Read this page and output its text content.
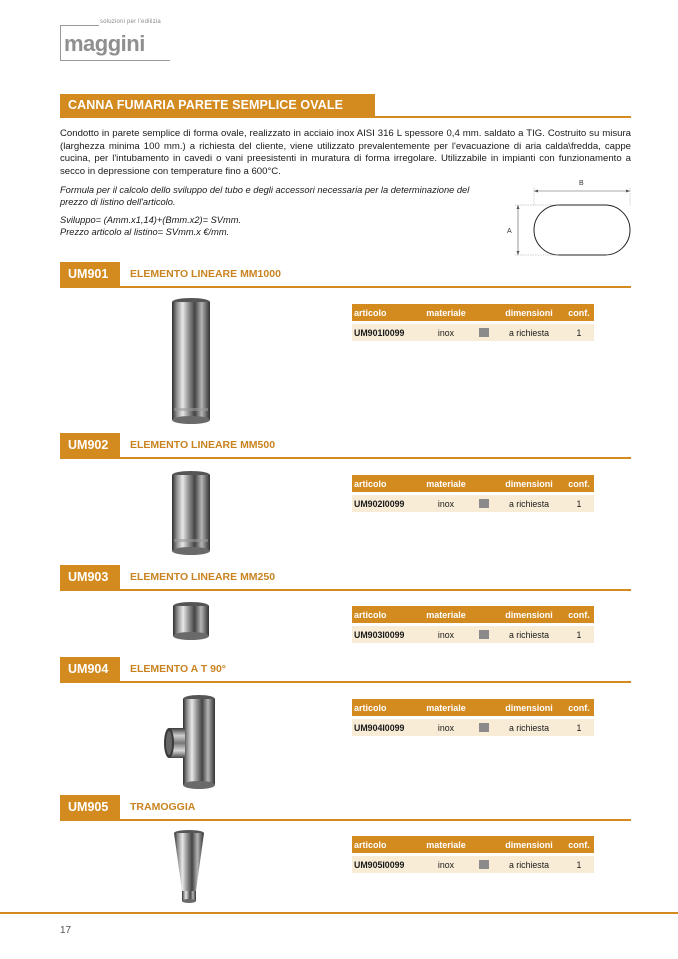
soluzioni per l'edilizia
maggini
CANNA FUMARIA PARETE SEMPLICE OVALE

Condotto in parete semplice di forma ovale, realizzato in acciaio inox AISI 316 L spessore 0,4 mm. saldato a TIG. Costruito su misura (larghezza minima 100 mm.) a richiesta del cliente, viene utilizzato prevalentemente per l'evacuazione di aria calda\fredda, cappe cucina, per l'intubamento in cavedi o vani preesistenti in muratura di forma irregolare. Utilizzabile in impianti con funzionamento a secco in depressione con temperature fino a 600°C.

Formula per il calcolo dello sviluppo del tubo e degli accessori necessaria per la determinazione del prezzo di listino dell'articolo.

Sviluppo= (Amm.x1,14)+(Bmm.x2)= SVmm.
Prezzo articolo al listino= SVmm.x €/mm.
B
A
UM901	ELEMENTO LINEARE MM1000
articolo	materiale	dimensioni	conf.
UM901I0099	inox	a richiesta	1
UM902	ELEMENTO LINEARE MM500
articolo	materiale	dimensioni	conf.
UM902I0099	inox	a richiesta	1
UM903	ELEMENTO LINEARE MM250
articolo	materiale	dimensioni	conf.
UM903I0099	inox	a richiesta	1
UM904	ELEMENTO A T 90°
articolo	materiale	dimensioni	conf.
UM904I0099	inox	a richiesta	1
UM905	TRAMOGGIA
articolo	materiale	dimensioni	conf.
UM905I0099	inox	a richiesta	1
17
